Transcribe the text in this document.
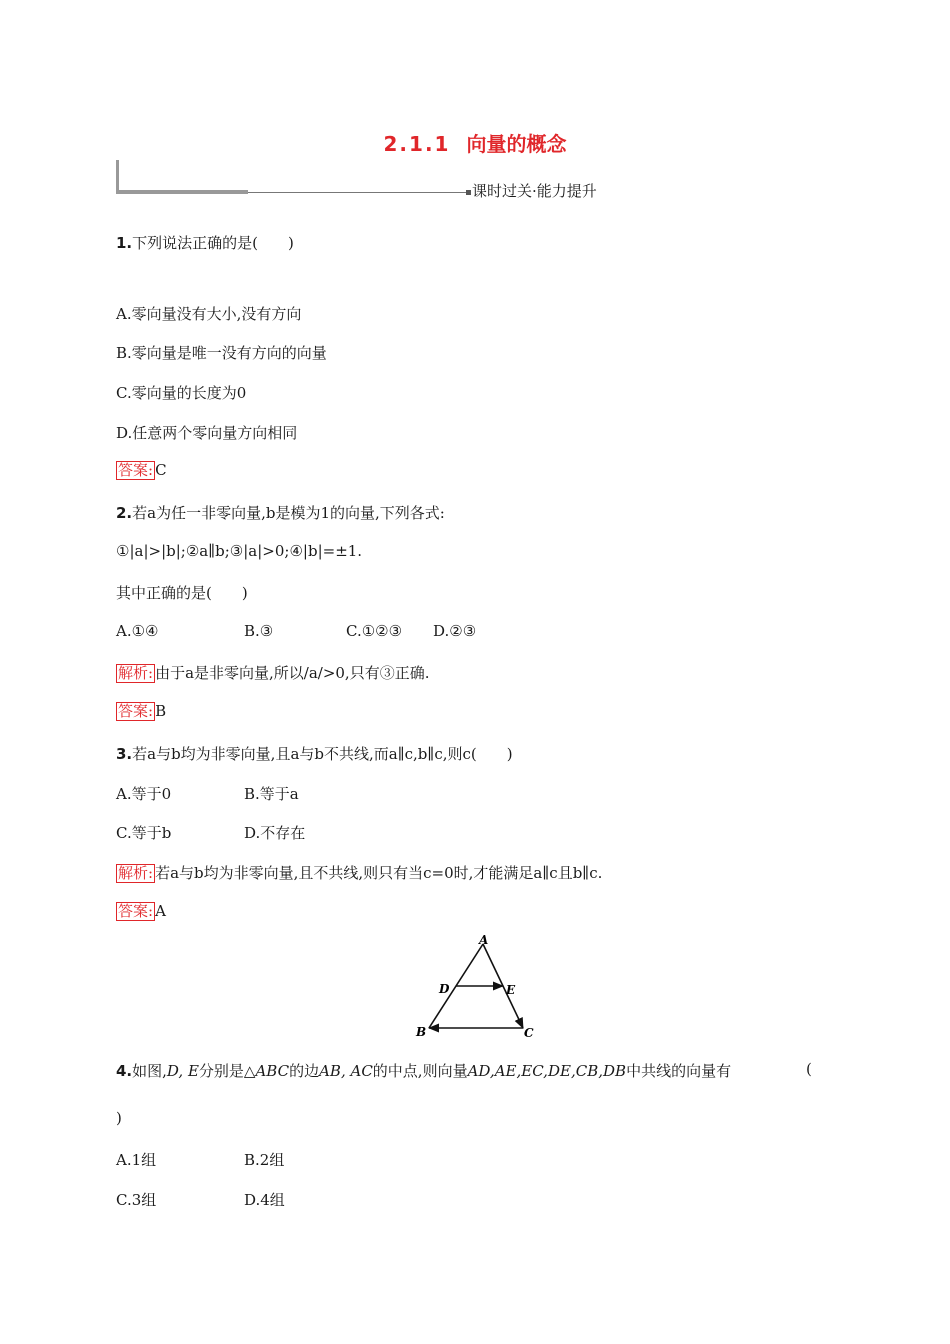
2.1.1 向量的概念
课时过关·能力提升
1.下列说法正确的是(　　)
A.零向量没有大小,没有方向
B.零向量是唯一没有方向的向量
C.零向量的长度为0
D.任意两个零向量方向相同
答案: C
2.若a为任一非零向量,b是模为1的向量,下列各式:
①|a|>|b|;②a∥b;③|a|>0;④|b|=±1.
其中正确的是(　　)
A.①④	B.③	C.①②③ D.②③
解析: 由于a是非零向量,所以/a/>0,只有③正确.
答案: B
3.若a与b均为非零向量,且a与b不共线,而a∥c,b∥c,则c(　　)
A.等于0	B.等于a
C.等于b	D.不存在
解析: 若a与b均为非零向量,且不共线,则只有当c=0时,才能满足a∥c且b∥c.
答案: A
A
D	E
B	C
4.如图,D, E分别是△ABC的边AB, AC的中点,则向量AD,AE,EC,DE,CB,DB中共线的向量有	(
)
A.1组	B.2组
C.3组	D.4组
